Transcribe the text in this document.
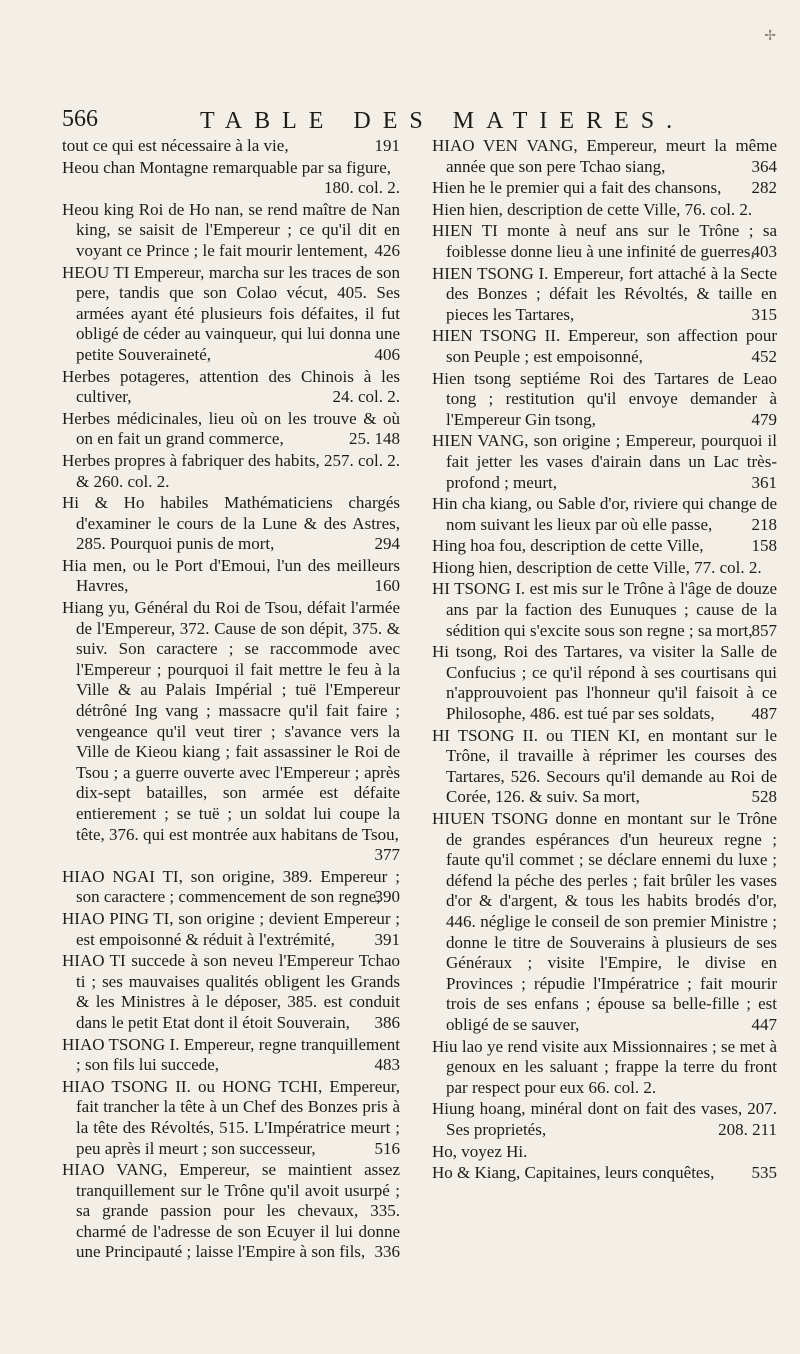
✢
566	TABLE DES MATIERES.
tout ce qui est nécessaire à la vie,	191
Heou chan Montagne remarquable par sa figure,
180. col. 2.
Heou king Roi de Ho nan, se rend maître de Nan king, se saisit de l'Empereur ; ce qu'il dit en voyant ce Prince ; le fait mourir lentement, 426
HEOU TI Empereur, marcha sur les traces de son pere, tandis que son Colao vécut, 405. Ses armées ayant été plusieurs fois défaites, il fut obligé de céder au vainqueur, qui lui donna une petite Souveraineté,	406
Herbes potageres, attention des Chinois à les cultiver,	24. col. 2.
Herbes médicinales, lieu où on les trouve & où on en fait un grand commerce,	25. 148
Herbes propres à fabriquer des habits, 257. col. 2. & 260. col. 2.
Hi & Ho habiles Mathématiciens chargés d'examiner le cours de la Lune & des Astres, 285. Pourquoi punis de mort,	294
Hia men, ou le Port d'Emoui, l'un des meilleurs Havres,	160
Hiang yu, Général du Roi de Tsou, défait l'armée de l'Empereur, 372. Cause de son dépit, 375. & suiv. Son caractere ; se raccommode avec l'Empereur ; pourquoi il fait mettre le feu à la Ville & au Palais Impérial ; tuë l'Empereur détrôné Ing vang ; massacre qu'il fait faire ; vengeance qu'il veut tirer ; s'avance vers la Ville de Kieou kiang ; fait assassiner le Roi de Tsou ; a guerre ouverte avec l'Empereur ; après dix-sept batailles, son armée est défaite entierement ; se tuë ; un soldat lui coupe la tête, 376. qui est montrée aux habitans de Tsou,
377
HIAO NGAI TI, son origine, 389. Empereur ; son caractere ; commencement de son regne,
390
HIAO PING TI, son origine ; devient Empereur ; est empoisonné & réduit à l'extrémité, 391
HIAO TI succede à son neveu l'Empereur Tchao ti ; ses mauvaises qualités obligent les Grands & les Ministres à le déposer, 385. est conduit dans le petit Etat dont il étoit Souverain, 386
HIAO TSONG I. Empereur, regne tranquillement ; son fils lui succede,	483
HIAO TSONG II. ou HONG TCHI, Empereur, fait trancher la tête à un Chef des Bonzes pris à la tête des Révoltés, 515. L'Impératrice meurt ; peu après il meurt ; son successeur,	516
HIAO VANG, Empereur, se maintient assez tranquillement sur le Trône qu'il avoit usurpé ; sa grande passion pour les chevaux, 335. charmé de l'adresse de son Ecuyer il lui donne une Principauté ; laisse l'Empire à son fils, 336
HIAO VEN VANG, Empereur, meurt la même année que son pere Tchao siang,	364
Hien he le premier qui a fait des chansons, 282
Hien hien, description de cette Ville, 76. col. 2.
HIEN TI monte à neuf ans sur le Trône ; sa foiblesse donne lieu à une infinité de guerres,
403
HIEN TSONG I. Empereur, fort attaché à la Secte des Bonzes ; défait les Révoltés, & taille en pieces les Tartares,	315
HIEN TSONG II. Empereur, son affection pour son Peuple ; est empoisonné,	452
Hien tsong septiéme Roi des Tartares de Leao tong ; restitution qu'il envoye demander à l'Empereur Gin tsong,	479
HIEN VANG, son origine ; Empereur, pourquoi il fait jetter les vases d'airain dans un Lac très-profond ; meurt,	361
Hin cha kiang, ou Sable d'or, riviere qui change de nom suivant les lieux par où elle passe, 218
Hing hoa fou, description de cette Ville,	158
Hiong hien, description de cette Ville, 77. col. 2.
HI TSONG I. est mis sur le Trône à l'âge de douze ans par la faction des Eunuques ; cause de la sédition qui s'excite sous son regne ; sa mort,
857
Hi tsong, Roi des Tartares, va visiter la Salle de Confucius ; ce qu'il répond à ses courtisans qui n'approuvoient pas l'honneur qu'il faisoit à ce Philosophe, 486. est tué par ses soldats, 487
HI TSONG II. ou TIEN KI, en montant sur le Trône, il travaille à réprimer les courses des Tartares, 526. Secours qu'il demande au Roi de Corée, 126. & suiv. Sa mort,	528
HIUEN TSONG donne en montant sur le Trône de grandes espérances d'un heureux regne ; faute qu'il commet ; se déclare ennemi du luxe ; défend la péche des perles ; fait brûler les vases d'or & d'argent, & tous les habits brodés d'or, 446. néglige le conseil de son premier Ministre ; donne le titre de Souverains à plusieurs de ses Généraux ; visite l'Empire, le divise en Provinces ; répudie l'Impératrice ; fait mourir trois de ses enfans ; épouse sa belle-fille ; est obligé de se sauver,	447
Hiu lao ye rend visite aux Missionnaires ; se met à genoux en les saluant ; frappe la terre du front par respect pour eux 66. col. 2.
Hiung hoang, minéral dont on fait des vases, 207. Ses proprietés,	208. 211
Ho, voyez Hi.
Ho & Kiang, Capitaines, leurs conquêtes, 535
